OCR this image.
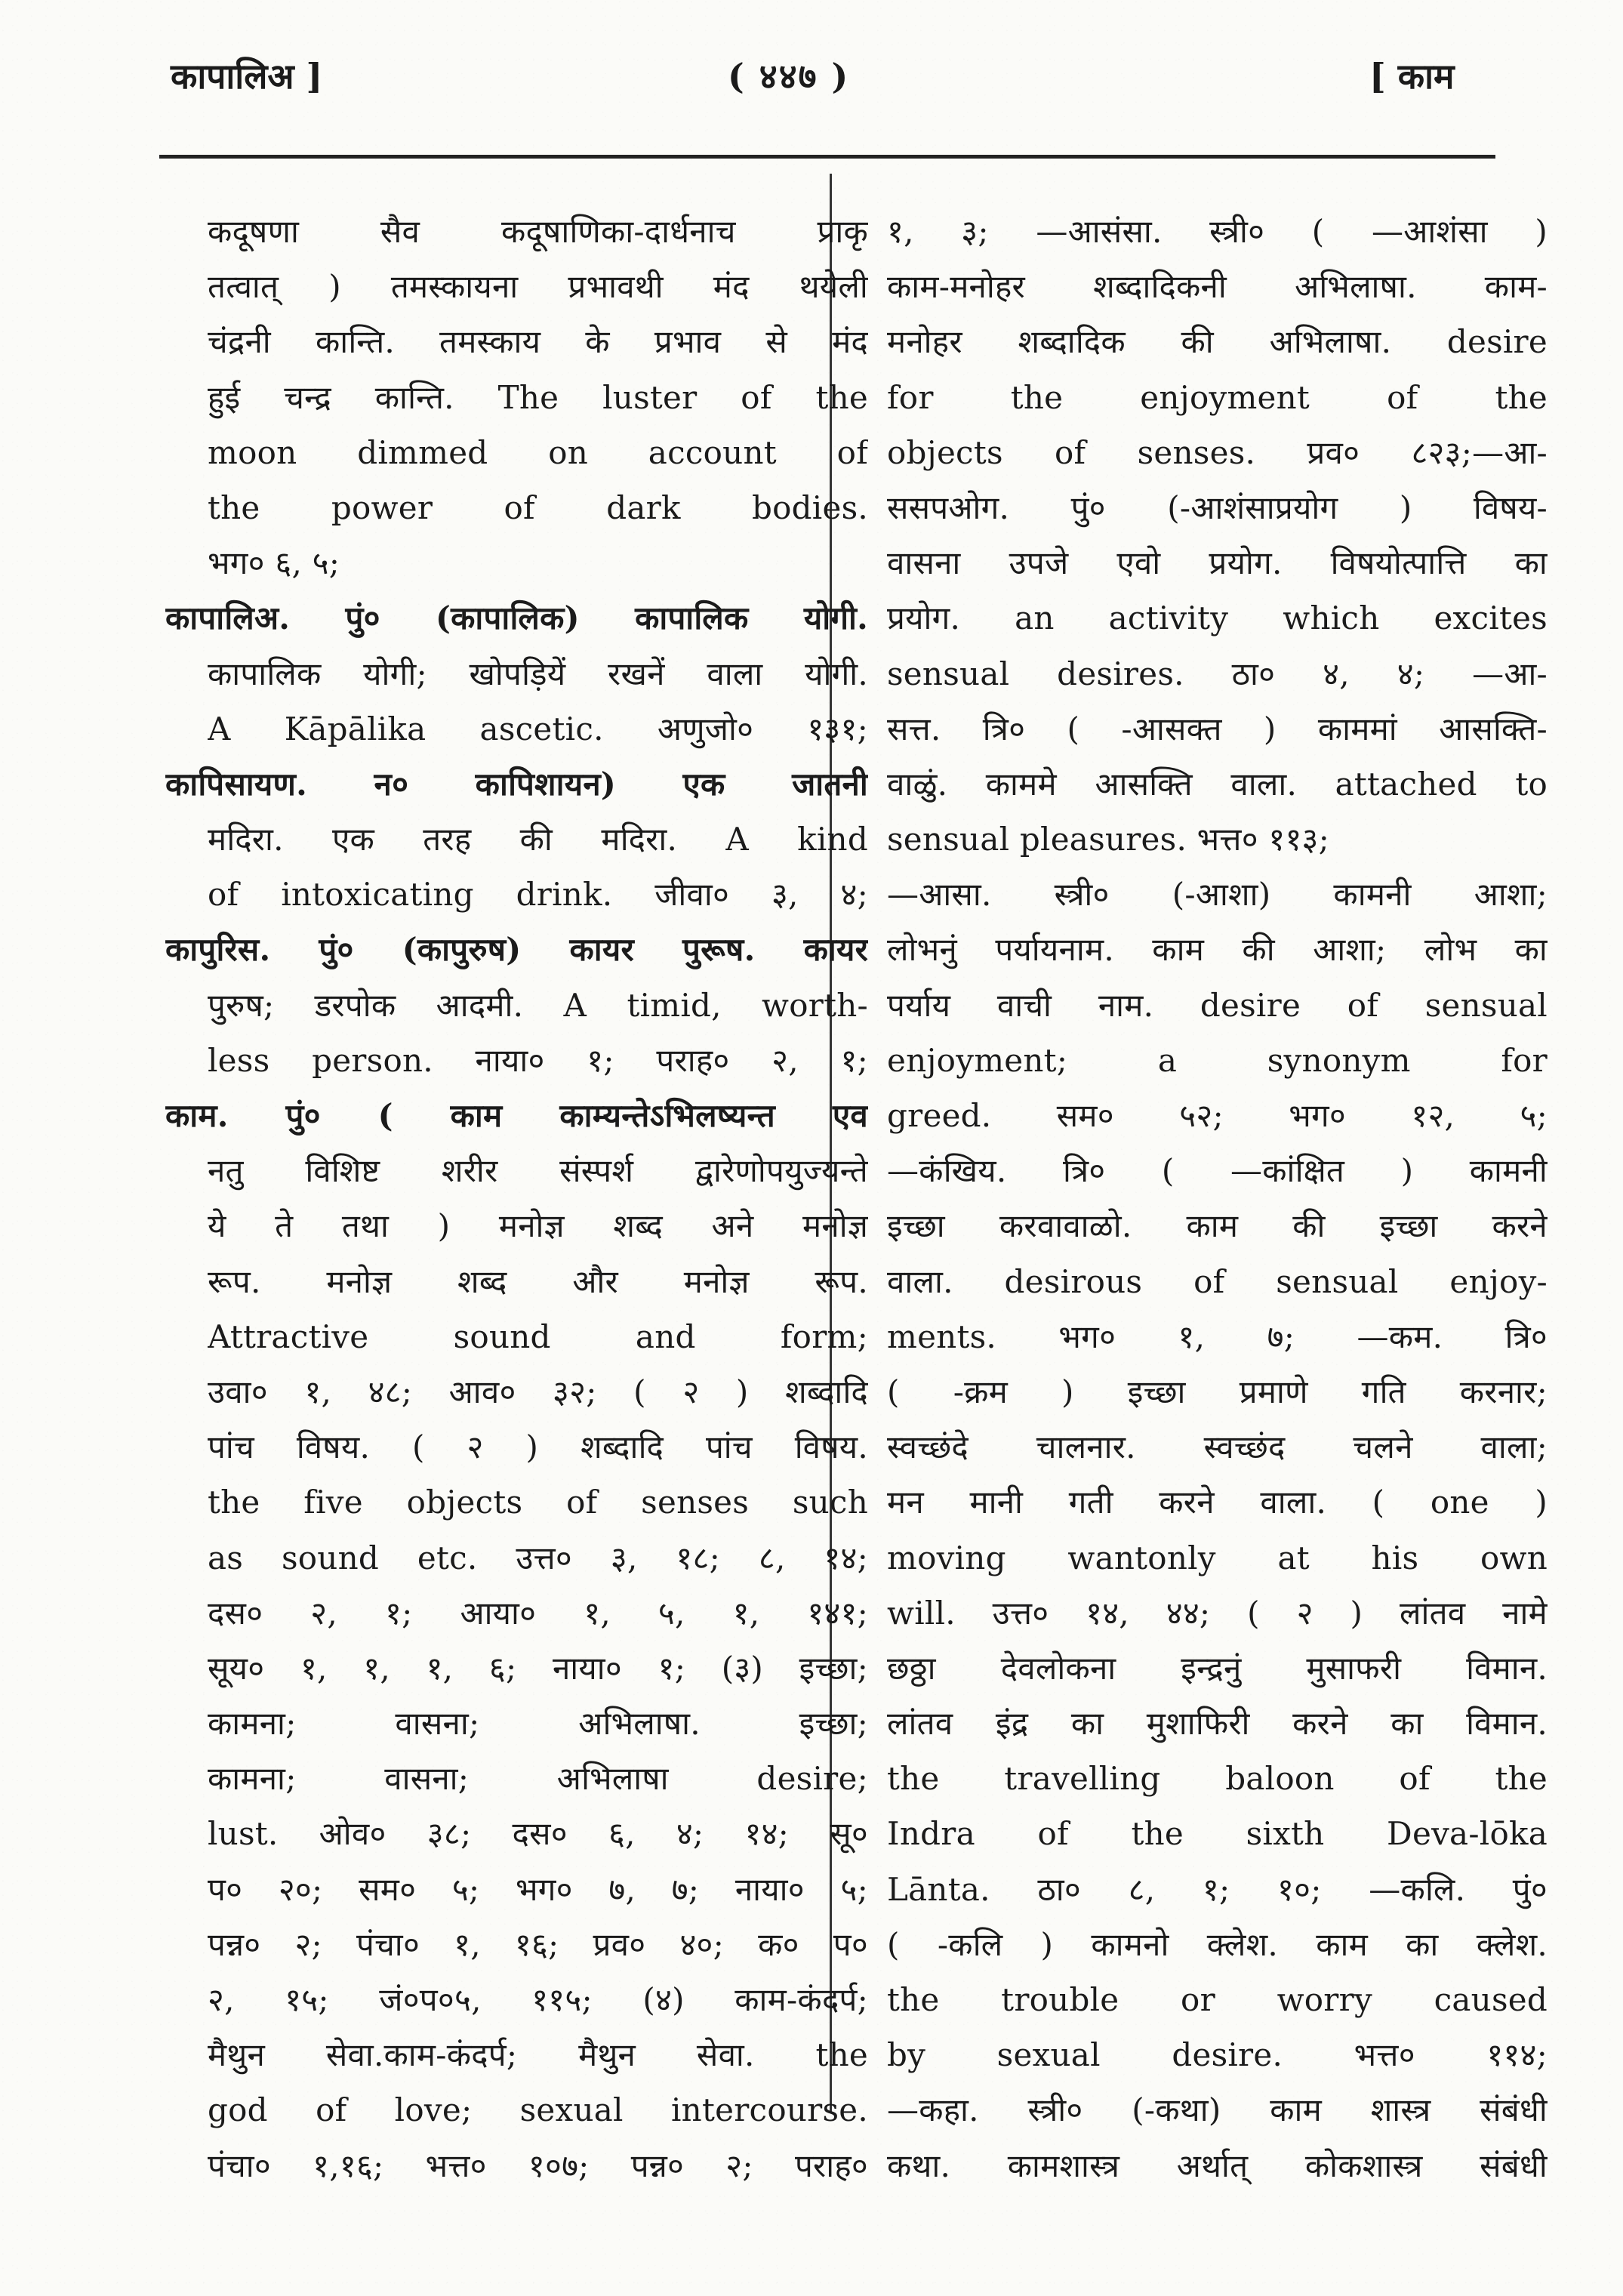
कापालिअ ]	( ४४७ )	[ काम
कदूषणा सैव कदूषाणिका-दार्धनाच प्राकृ
तत्वात् ) तमस्कायना प्रभावथी मंद थयेली
चंद्रनी कान्ति. तमस्काय के प्रभाव से मंद
हुई चन्द्र कान्ति. The luster of the
moon dimmed on account of
the power of dark bodies.
भग० ६, ५;
कापालिअ. पुं० (कापालिक) कापालिक योगी.
कापालिक योगी; खोपड़ियें रखनें वाला योगी.
A Kāpālika ascetic. अणुजो० १३१;
कापिसायण. न० कापिशायन) एक जातनी
मदिरा. एक तरह की मदिरा. A kind
of intoxicating drink. जीवा० ३, ४;
कापुरिस. पुं० (कापुरुष) कायर पुरूष. कायर
पुरुष; डरपोक आदमी. A timid, worth-
less person. नाया० १; पराह० २, १;
काम. पुं० ( काम काम्यन्तेऽभिलष्यन्त एव
नतु विशिष्ट शरीर संस्पर्श द्वारेणोपयुज्यन्ते
ये ते तथा ) मनोज्ञ शब्द अने मनोज्ञ
रूप. मनोज्ञ शब्द और मनोज्ञ रूप.
Attractive sound and form;
उवा० १, ४८; आव० ३२; ( २ ) शब्दादि
पांच विषय. ( २ ) शब्दादि पांच विषय.
the five objects of senses such
as sound etc. उत्त० ३, १८; ८, १४;
दस० २, १; आया० १, ५, १, १४१;
सूय० १, १, १, ६; नाया० १; (३) इच्छा;
कामना; वासना; अभिलाषा. इच्छा;
कामना; वासना; अभिलाषा desire;
lust. ओव० ३८; दस० ६, ४; १४; सू०
प० २०; सम० ५; भग० ७, ७; नाया० ५;
पन्न० २; पंचा० १, १६; प्रव० ४०; क० प०
२, १५; जं०प०५, ११५; (४) काम-कंदर्प;
मैथुन सेवा.काम-कंदर्प; मैथुन सेवा. the
god of love; sexual intercourse.
पंचा० १,१६; भत्त० १०७; पन्न० २; पराह०
१, ३; —आसंसा. स्त्री० ( —आशंसा )
काम-मनोहर शब्दादिकनी अभिलाषा. काम-
मनोहर शब्दादिक की अभिलाषा. desire
for the enjoyment of the
objects of senses. प्रव० ८२३;—आ-
ससपओग. पुं० (-आशंसाप्रयोग ) विषय-
वासना उपजे एवो प्रयोग. विषयोत्पात्ति का
प्रयोग. an activity which excites
sensual desires. ठा० ४, ४; —आ-
सत्त. त्रि० ( -आसक्त ) काममां आसक्ति-
वाळुं. काममे आसक्ति वाला. attached to
sensual pleasures. भत्त० ११३;
—आसा. स्त्री० (-आशा) कामनी आशा;
लोभनुं पर्यायनाम. काम की आशा; लोभ का
पर्याय वाची नाम. desire of sensual
enjoyment; a synonym for
greed. सम० ५२; भग० १२, ५;
—कंखिय. त्रि० ( —कांक्षित ) कामनी
इच्छा करवावाळो. काम की इच्छा करने
वाला. desirous of sensual enjoy-
ments. भग० १, ७; —कम. त्रि०
( -क्रम ) इच्छा प्रमाणे गति करनार;
स्वच्छंदे चालनार. स्वच्छंद चलने वाला;
मन मानी गती करने वाला. ( one )
moving wantonly at his own
will. उत्त० १४, ४४; ( २ ) लांतव नामे
छठ्ठा देवलोकना इन्द्रनुं मुसाफरी विमान.
लांतव इंद्र का मुशाफिरी करने का विमान.
the travelling baloon of the
Indra of the sixth Deva-lōka
Lānta. ठा० ८, १; १०; —कलि. पुं०
( -कलि ) कामनो क्लेश. काम का क्लेश.
the trouble or worry caused
by sexual desire. भत्त० ११४;
—कहा. स्त्री० (-कथा) काम शास्त्र संबंधी
कथा. कामशास्त्र अर्थात् कोकशास्त्र संबंधी
